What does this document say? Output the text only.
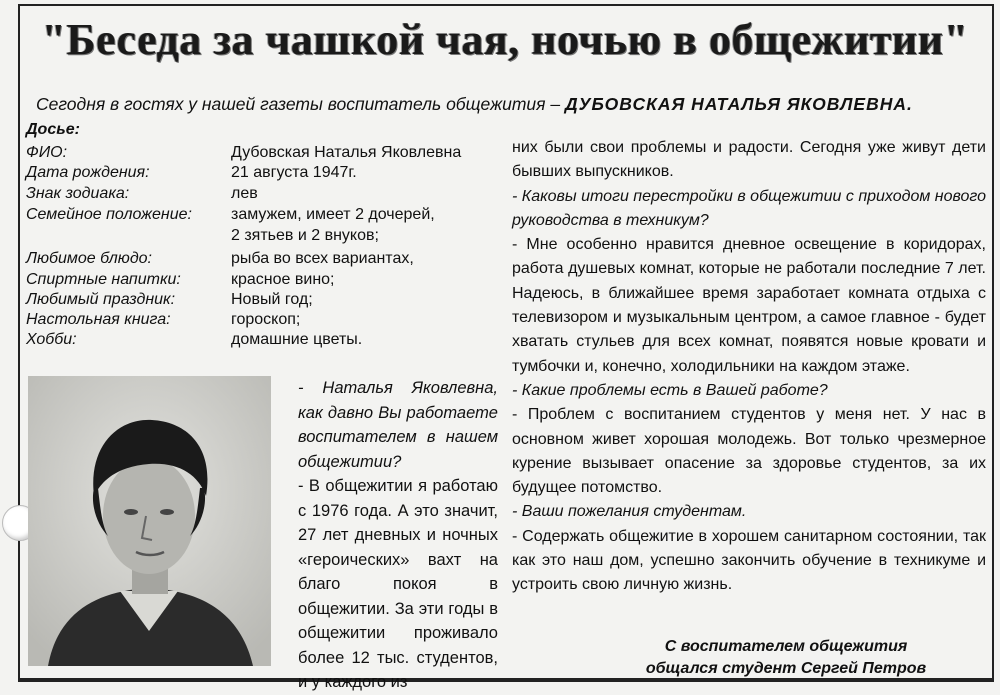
"Беседа за чашкой чая, ночью в общежитии"
Сегодня в гостях у нашей газеты воспитатель общежития – ДУБОВСКАЯ НАТАЛЬЯ ЯКОВЛЕВНА.
Досье:
ФИО:	Дубовская Наталья Яковлевна
Дата рождения:	21 августа 1947г.
Знак зодиака:	лев
Семейное положение: замужем, имеет 2 дочерей,
2 зятьев и 2 внуков;
Любимое блюдо:	рыба во всех вариантах,
Спиртные напитки:	красное вино;
Любимый праздник:	Новый год;
Настольная книга:	гороскоп;
Хобби:	домашние цветы.

- Наталья Яковлевна, как давно Вы работаете воспитателем в нашем общежитии?

- В общежитии я работаю с 1976 года. А это значит, 27 лет дневных и ночных «героических» вахт на благо покоя в общежитии. За эти годы в общежитии проживало более 12 тыс. студентов, и у каждого из

них были свои проблемы и радости. Сегодня уже живут дети бывших выпускников.

- Каковы итоги перестройки в общежитии с приходом нового руководства в техникум?

- Мне особенно нравится дневное освещение в коридорах, работа душевых комнат, которые не работали последние 7 лет. Надеюсь, в ближайшее время заработает комната отдыха с телевизором и музыкальным центром, а самое главное - будет хватать стульев для всех комнат, появятся новые кровати и тумбочки и, конечно, холодильники на каждом этаже.

- Какие проблемы есть в Вашей работе?

- Проблем с воспитанием студентов у меня нет. У нас в основном живет хорошая молодежь. Вот только чрезмерное курение вызывает опасение за здоровье студентов, за их будущее потомство.

- Ваши пожелания студентам.

- Содержать общежитие в хорошем санитарном состоянии, так как это наш дом, успешно закончить обучение в техникуме и устроить свою личную жизнь.

С воспитателем общежития
общался студент Сергей Петров
